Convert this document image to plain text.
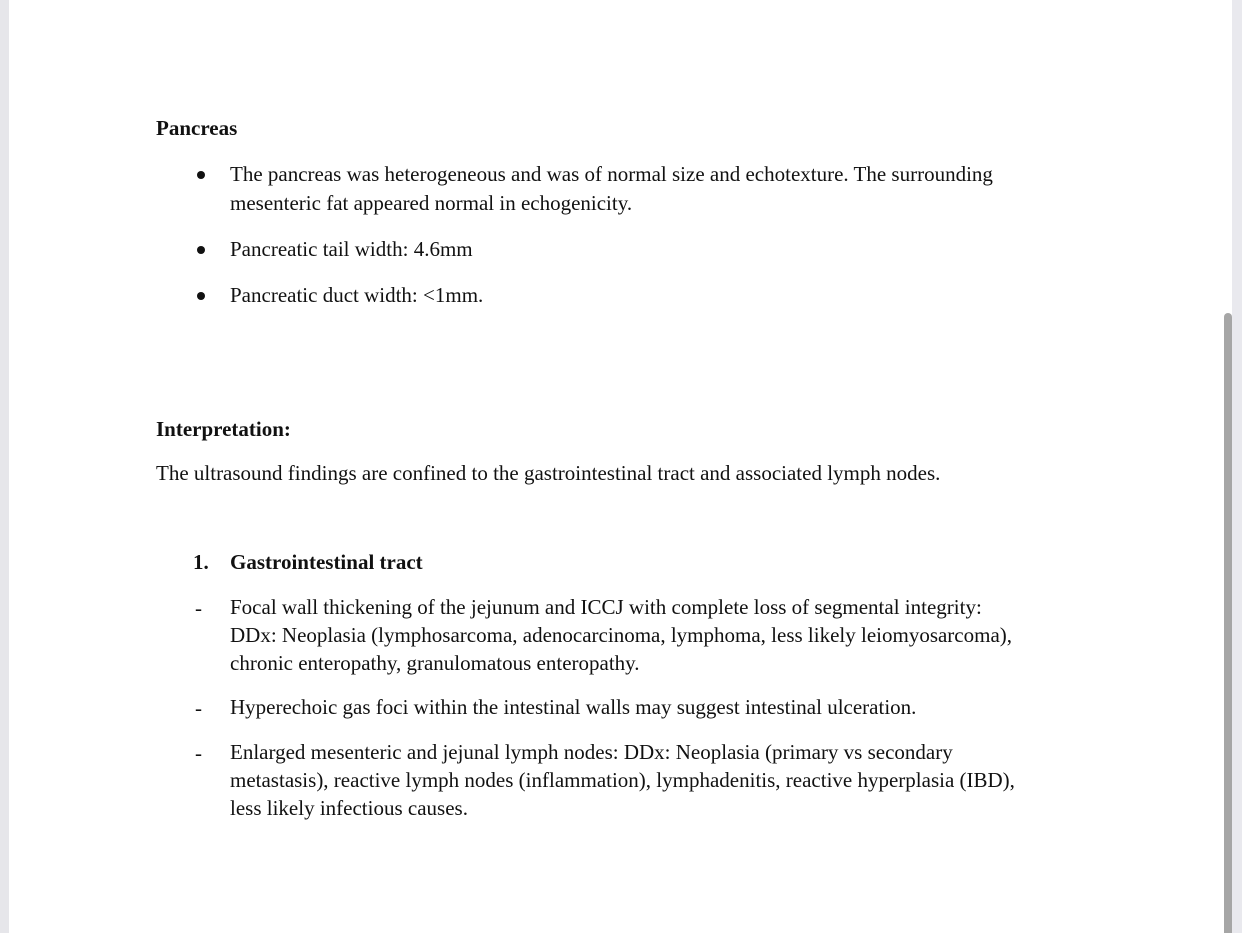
Pancreas
The pancreas was heterogeneous and was of normal size and echotexture. The surrounding
mesenteric fat appeared normal in echogenicity.
Pancreatic tail width: 4.6mm
Pancreatic duct width: <1mm.
Interpretation:
The ultrasound findings are confined to the gastrointestinal tract and associated lymph nodes.
1. Gastrointestinal tract
- Focal wall thickening of the jejunum and ICCJ with complete loss of segmental integrity:
DDx: Neoplasia (lymphosarcoma, adenocarcinoma, lymphoma, less likely leiomyosarcoma),
chronic enteropathy, granulomatous enteropathy.
- Hyperechoic gas foci within the intestinal walls may suggest intestinal ulceration.
- Enlarged mesenteric and jejunal lymph nodes: DDx: Neoplasia (primary vs secondary
metastasis), reactive lymph nodes (inflammation), lymphadenitis, reactive hyperplasia (IBD),
less likely infectious causes.
